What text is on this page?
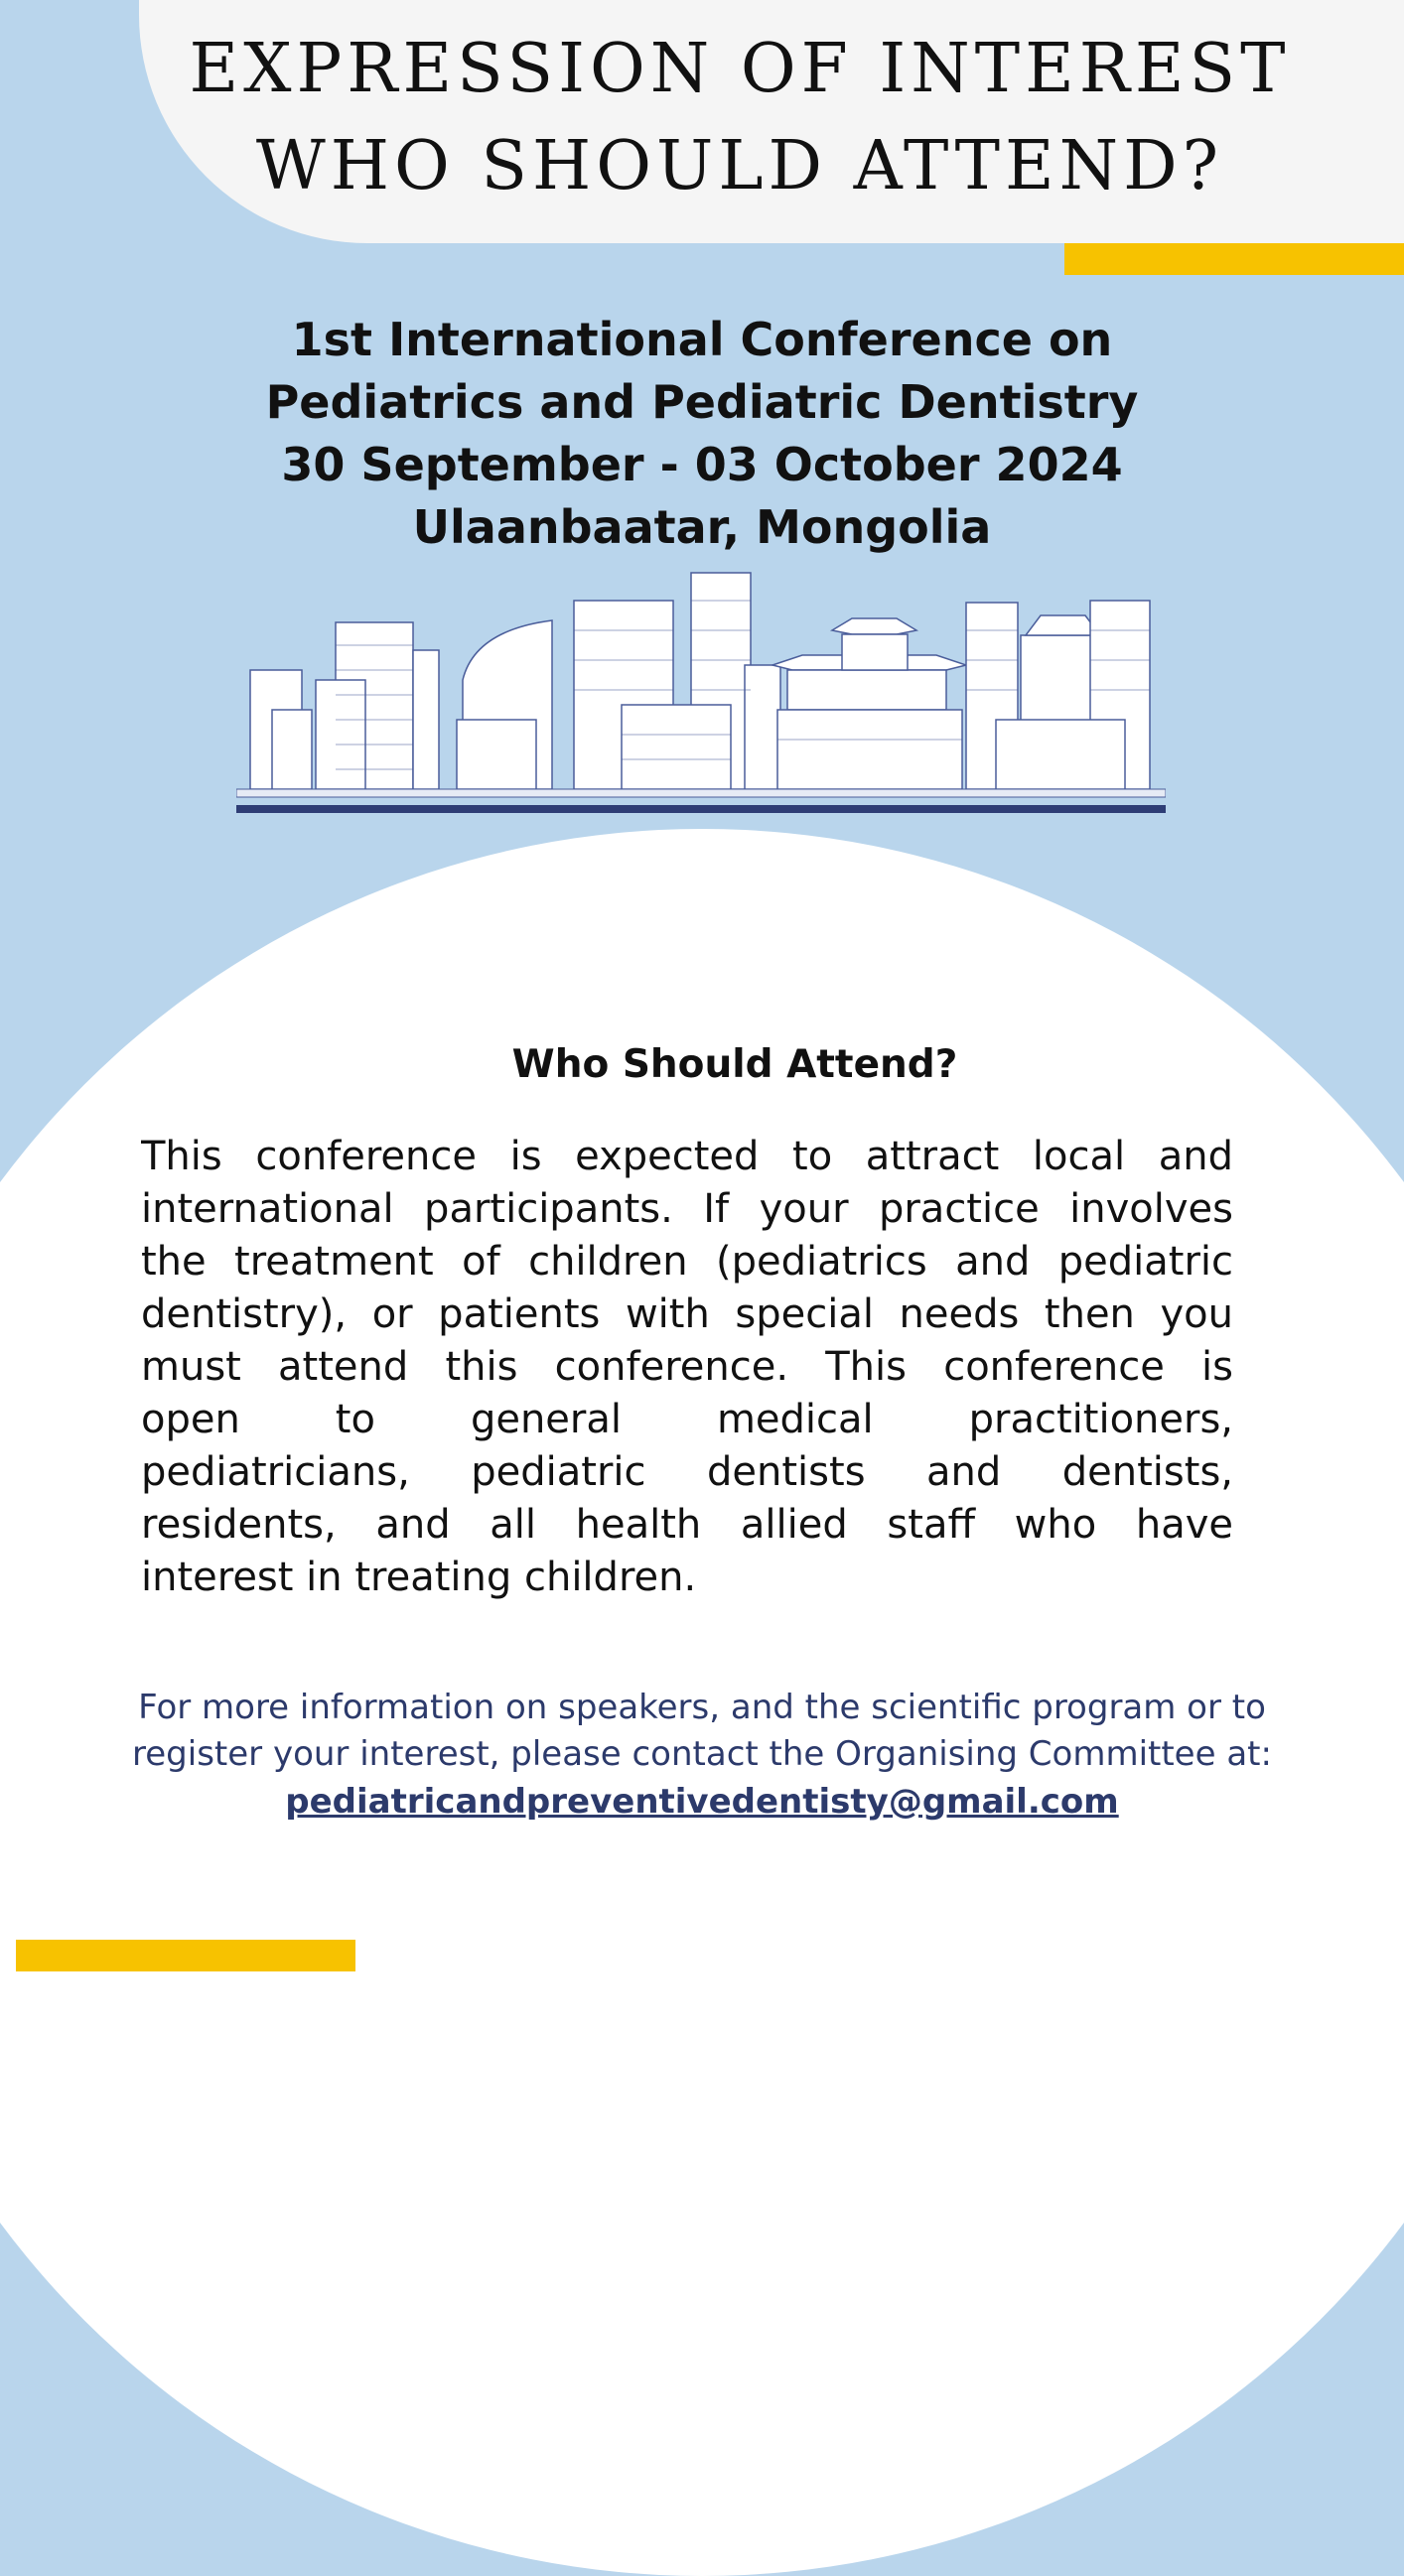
EXPRESSION OF INTEREST
WHO SHOULD ATTEND?
1st International Conference on
Pediatrics and Pediatric Dentistry
30 September - 03 October 2024
Ulaanbaatar, Mongolia
Who Should Attend?
This conference is expected to attract local and
international participants. If your practice involves
the treatment of children (pediatrics and pediatric
dentistry), or patients with special needs then you
must attend this conference. This conference is
open to general medical practitioners,
pediatricians, pediatric dentists and dentists,
residents, and all health allied staff who have
interest in treating children.
For more information on speakers, and the scientific program or to
register your interest, please contact the Organising Committee at:
pediatricandpreventivedentisty@gmail.com
